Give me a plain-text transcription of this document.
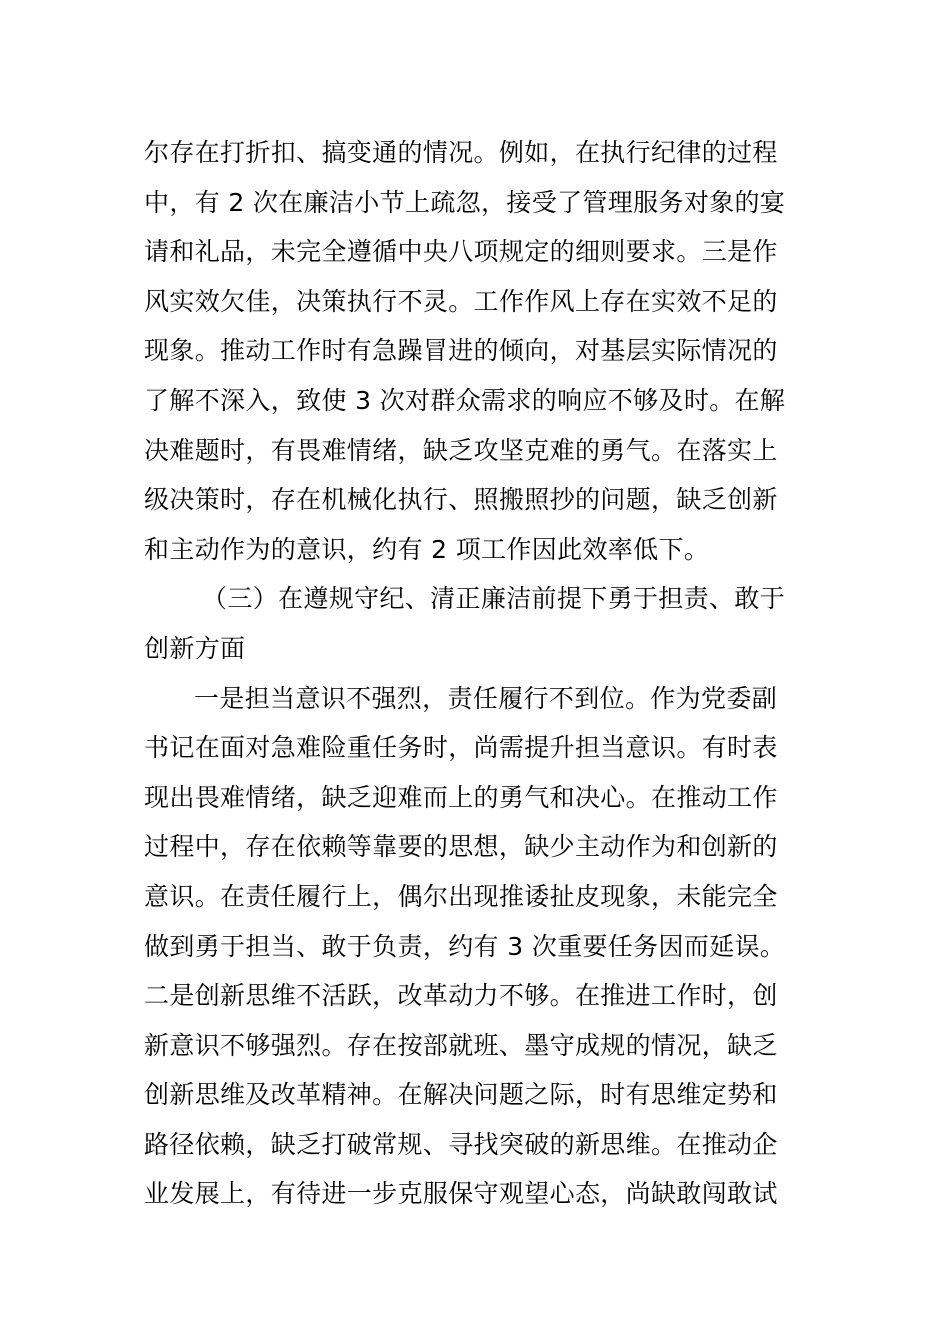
尔存在打折扣、搞变通的情况。例如，在执行纪律的过程
中，有 2 次在廉洁小节上疏忽，接受了管理服务对象的宴
请和礼品，未完全遵循中央八项规定的细则要求。三是作
风实效欠佳，决策执行不灵。工作作风上存在实效不足的
现象。推动工作时有急躁冒进的倾向，对基层实际情况的
了解不深入，致使 3 次对群众需求的响应不够及时。在解
决难题时，有畏难情绪，缺乏攻坚克难的勇气。在落实上
级决策时，存在机械化执行、照搬照抄的问题，缺乏创新
和主动作为的意识，约有 2 项工作因此效率低下。
（三）在遵规守纪、清正廉洁前提下勇于担责、敢于
创新方面
一是担当意识不强烈，责任履行不到位。作为党委副
书记在面对急难险重任务时，尚需提升担当意识。有时表
现出畏难情绪，缺乏迎难而上的勇气和决心。在推动工作
过程中，存在依赖等靠要的思想，缺少主动作为和创新的
意识。在责任履行上，偶尔出现推诿扯皮现象，未能完全
做到勇于担当、敢于负责，约有 3 次重要任务因而延误。
二是创新思维不活跃，改革动力不够。在推进工作时，创
新意识不够强烈。存在按部就班、墨守成规的情况，缺乏
创新思维及改革精神。在解决问题之际，时有思维定势和
路径依赖，缺乏打破常规、寻找突破的新思维。在推动企
业发展上，有待进一步克服保守观望心态，尚缺敢闯敢试
